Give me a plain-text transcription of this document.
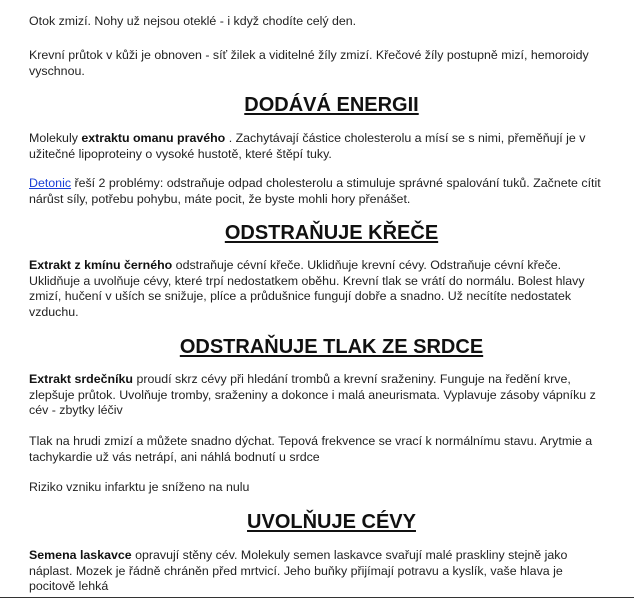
Otok zmizí. Nohy už nejsou oteklé - i když chodíte celý den.

Krevní průtok v kůži je obnoven - síť žilek a viditelné žíly zmizí. Křečové žíly postupně mizí, hemoroidy
vyschnou.

DODÁVÁ ENERGII

Molekuly extraktu omanu pravého . Zachytávají částice cholesterolu a mísí se s nimi, přeměňují je v
užitečné lipoproteiny o vysoké hustotě, které štěpí tuky.

Detonic řeší 2 problémy: odstraňuje odpad cholesterolu a stimuluje správné spalování tuků. Začnete cítit
nárůst síly, potřebu pohybu, máte pocit, že byste mohli hory přenášet.

ODSTRAŇUJE KŘEČE

Extrakt z kmínu černého odstraňuje cévní křeče. Uklidňuje krevní cévy. Odstraňuje cévní křeče.
Uklidňuje a uvolňuje cévy, které trpí nedostatkem oběhu. Krevní tlak se vrátí do normálu. Bolest hlavy
zmizí, hučení v uších se snižuje, plíce a průdušnice fungují dobře a snadno. Už necítíte nedostatek
vzduchu.

ODSTRAŇUJE TLAK ZE SRDCE

Extrakt srdečníku proudí skrz cévy při hledání trombů a krevní sraženiny. Funguje na ředění krve,
zlepšuje průtok. Uvolňuje tromby, sraženiny a dokonce i malá aneurismata. Vyplavuje zásoby vápníku z
cév - zbytky léčiv

Tlak na hrudi zmizí a můžete snadno dýchat. Tepová frekvence se vrací k normálnímu stavu. Arytmie a
tachykardie už vás netrápí, ani náhlá bodnutí u srdce

Riziko vzniku infarktu je sníženo na nulu

UVOLŇUJE CÉVY

Semena laskavce opravují stěny cév. Molekuly semen laskavce svařují malé praskliny stejně jako
náplast. Mozek je řádně chráněn před mrtvicí. Jeho buňky přijímají potravu a kyslík, vaše hlava je
pocitově lehká
